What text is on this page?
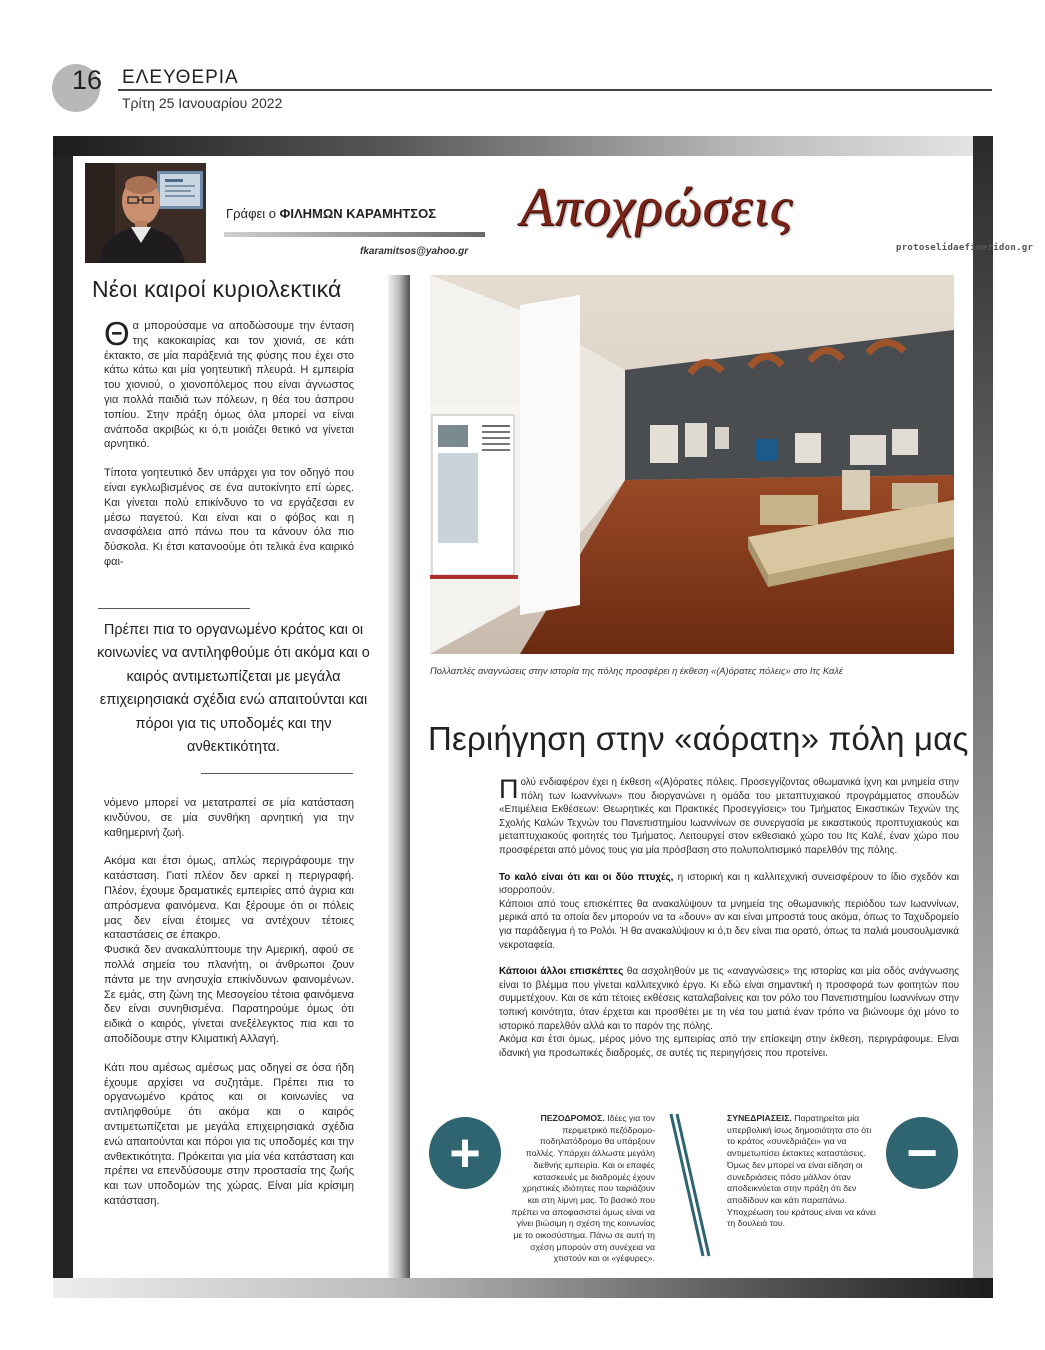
16 ΕΛΕΥΘΕΡΙΑ
Τρίτη 25 Ιανουαρίου 2022
Γράφει ο ΦΙΛΗΜΩΝ ΚΑΡΑΜΗΤΣΟΣ
fkaramitsos@yahoo.gr
Αποχρώσεις
protoselidaefimeridon.gr
Νέοι καιροί κυριολεκτικά

Θα μπορούσαμε να αποδώσουμε την ένταση της κακοκαιρίας και τον χιονιά, σε κάτι έκτακτο, σε μία παράξενιά της φύσης που έχει στο κάτω κάτω και μία γοητευτική πλευρά. Η εμπειρία του χιονιού, ο χιονοπόλεμος που είναι άγνωστος για πολλά παιδιά των πόλεων, η θέα του άσπρου τοπίου. Στην πράξη όμως όλα μπορεί να είναι ανάποδα ακριβώς κι ό,τι μοιάζει θετικό να γίνεται αρνητικό.

Τίποτα γοητευτικό δεν υπάρχει για τον οδηγό που είναι εγκλωβισμένος σε ένα αυτοκίνητο επί ώρες. Και γίνεται πολύ επικίνδυνο το να εργάζεσαι εν μέσω παγετού. Και είναι και ο φόβος και η ανασφάλεια από πάνω που τα κάνουν όλα πιο δύσκολα. Κι έτσι κατανοούμε ότι τελικά ένα καιρικό φαι-

Πρέπει πια το οργανωμένο κράτος και οι κοινωνίες να αντιληφθούμε ότι ακόμα και ο καιρός αντιμετωπίζεται με μεγάλα επιχειρησιακά σχέδια ενώ απαιτούνται και πόροι για τις υποδομές και την ανθεκτικότητα.

νόμενο μπορεί να μετατραπεί σε μία κατάσταση κινδύνου, σε μία συνθήκη αρνητική για την καθημερινή ζωή.

Ακόμα και έτσι όμως, απλώς περιγράφουμε την κατάσταση. Γιατί πλέον δεν αρκεί η περιγραφή. Πλέον, έχουμε δραματικές εμπειρίες από άγρια και απρόσμενα φαινόμενα. Και ξέρουμε ότι οι πόλεις μας δεν είναι έτοιμες να αντέχουν τέτοιες καταστάσεις σε έπακρο.

Φυσικά δεν ανακαλύπτουμε την Αμερική, αφού σε πολλά σημεία του πλανήτη, οι άνθρωποι ζουν πάντα με την ανησυχία επικίνδυνων φαινομένων. Σε εμάς, στη ζώνη της Μεσογείου τέτοια φαινόμενα δεν είναι συνηθισμένα. Παρατηρούμε όμως ότι ειδικά ο καιρός, γίνεται ανεξέλεγκτος πια και το αποδίδουμε στην Κλιματική Αλλαγή.

Κάτι που αμέσως αμέσως μας οδηγεί σε όσα ήδη έχουμε αρχίσει να συζητάμε. Πρέπει πια το οργανωμένο κράτος και οι κοινωνίες να αντιληφθούμε ότι ακόμα και ο καιρός αντιμετωπίζεται με μεγάλα επιχειρησιακά σχέδια ενώ απαιτούνται και πόροι για τις υποδομές και την ανθεκτικότητα. Πρόκειται για μία νέα κατάσταση και πρέπει να επενδύσουμε στην προστασία της ζωής και των υποδομών της χώρας. Είναι μία κρίσιμη κατάσταση.

Πολλαπλές αναγνώσεις στην ιστορία της πόλης προσφέρει η έκθεση «(Α)όρατες πόλεις» στο Ιτς Καλέ
Περιήγηση στην «αόρατη» πόλη μας

Πολύ ενδιαφέρον έχει η έκθεση «(Α)όρατες πόλεις. Προσεγγίζοντας οθωμανικά ίχνη και μνημεία στην πόλη των Ιωαννίνων» που διοργανώνει η ομάδα του μεταπτυχιακού προγράμματος σπουδών «Επιμέλεια Εκθέσεων: Θεωρητικές και Πρακτικές Προσεγγίσεις» του Τμήματος Εικαστικών Τεχνών της Σχολής Καλών Τεχνών του Πανεπιστημίου Ιωαννίνων σε συνεργασία με εικαστικούς προπτυχιακούς και μεταπτυχιακούς φοιτητές του Τμήματος. Λειτουργεί στον εκθεσιακό χώρο του Ιτς Καλέ, έναν χώρο που προσφέρεται από μόνος τους για μία πρόσβαση στο πολυπολιτισμικό παρελθόν της πόλης.

Το καλό είναι ότι και οι δύο πτυχές, η ιστορική και η καλλιτεχνική συνεισφέρουν το ίδιο σχεδόν και ισορροπούν.

Κάποιοι από τους επισκέπτες θα ανακαλύψουν τα μνημεία της οθωμανικής περιόδου των Ιωαννίνων, μερικά από τα οποία δεν μπορούν να τα «δουν» αν και είναι μπροστά τους ακόμα, όπως το Ταχυδρομείο για παράδειγμα ή το Ρολόι. Ή θα ανακαλύψουν κι ό,τι δεν είναι πια ορατό, όπως τα παλιά μουσουλμανικά νεκροταφεία.

Κάποιοι άλλοι επισκέπτες θα ασχοληθούν με τις «αναγνώσεις» της ιστορίας και μία οδός ανάγνωσης είναι το βλέμμα που γίνεται καλλιτεχνικό έργο. Κι εδώ είναι σημαντική η προσφορά των φοιτητών που συμμετέχουν. Και σε κάτι τέτοιες εκθέσεις καταλαβαίνεις και τον ρόλο του Πανεπιστημίου Ιωαννίνων στην τοπική κοινότητα, όταν έρχεται και προσθέτει με τη νέα του ματιά έναν τρόπο να βιώνουμε όχι μόνο το ιστορικό παρελθόν αλλά και το παρόν της πόλης.

Ακόμα και έτσι όμως, μέρος μόνο της εμπειρίας από την επίσκεψη στην έκθεση, περιγράφουμε. Είναι ιδανική για προσωπικές διαδρομές, σε αυτές τις περιηγήσεις που προτείνει.

+

ΠΕΖΟΔΡΟΜΟΣ. Ιδέες για τον περιμετρικό πεζόδρομο- ποδηλατόδρομο θα υπάρξουν πολλές. Υπάρχει άλλωστε μεγάλη διεθνής εμπειρία. Και οι επαφές κατασκευές με διαδρομές έχουν χρηστικές ιδιότητες που ταιριάζουν και στη λίμνη μας. Το βασικό που πρέπει να αποφασιστεί όμως είναι να γίνει βιώσιμη η σχέση της κοινωνίας με το οικοσύστημα. Πάνω σε αυτή τη σχέση μπορούν στη συνέχεια να χτιστούν και οι «γέφυρες».

ΣΥΝΕΔΡΙΑΣΕΙΣ. Παρατηρείται μία υπερβολική ίσως δημοσιότητα στο ότι το κράτος «συνεδριάζει» για να αντιμετωπίσει έκτακτες καταστάσεις. Όμως δεν μπορεί να είναι είδηση οι συνεδριάσεις πόσο μάλλον όταν αποδεικνύεται στην πράξη ότι δεν αποδίδουν και κάτι παραπάνω. Υποχρέωση του κράτους είναι να κάνει τη δουλειά του.

−
